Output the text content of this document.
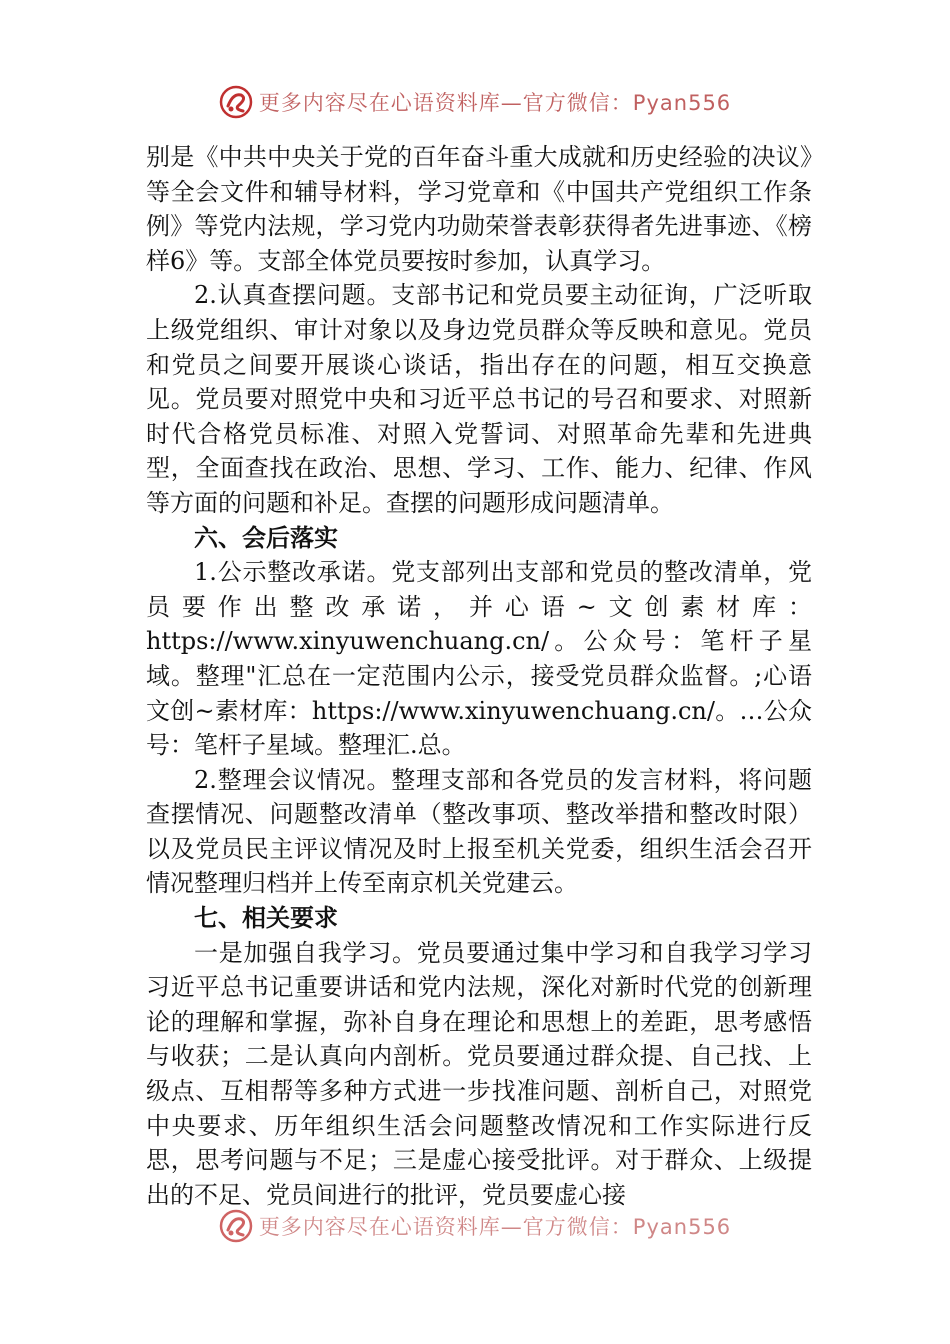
更多内容尽在心语资料库—官方微信：Pyan556

别是《中共中央关于党的百年奋斗重大成就和历史经验的决议》等全会文件和辅导材料，学习党章和《中国共产党组织工作条例》等党内法规，学习党内功勋荣誉表彰获得者先进事迹、《榜样6》等。支部全体党员要按时参加，认真学习。

2.认真查摆问题。支部书记和党员要主动征询，广泛听取上级党组织、审计对象以及身边党员群众等反映和意见。党员和党员之间要开展谈心谈话，指出存在的问题，相互交换意见。党员要对照党中央和习近平总书记的号召和要求、对照新时代合格党员标准、对照入党誓词、对照革命先辈和先进典型，全面查找在政治、思想、学习、工作、能力、纪律、作风等方面的问题和补足。查摆的问题形成问题清单。

六、会后落实

1.公示整改承诺。党支部列出支部和党员的整改清单，党员要作出整改承诺，并心语~文创素材库：https://www.xinyuwenchuang.cn/。公众号：笔杆子星域。整理"汇总在一定范围内公示，接受党员群众监督。;心语文创~素材库：https://www.xinyuwenchuang.cn/。…公众号：笔杆子星域。整理汇.总。

2.整理会议情况。整理支部和各党员的发言材料，将问题查摆情况、问题整改清单（整改事项、整改举措和整改时限）以及党员民主评议情况及时上报至机关党委，组织生活会召开情况整理归档并上传至南京机关党建云。

七、相关要求

一是加强自我学习。党员要通过集中学习和自我学习学习习近平总书记重要讲话和党内法规，深化对新时代党的创新理论的理解和掌握，弥补自身在理论和思想上的差距，思考感悟与收获；二是认真向内剖析。党员要通过群众提、自己找、上级点、互相帮等多种方式进一步找准问题、剖析自己，对照党中央要求、历年组织生活会问题整改情况和工作实际进行反思，思考问题与不足；三是虚心接受批评。对于群众、上级提出的不足、党员间进行的批评，党员要虚心接

更多内容尽在心语资料库—官方微信：Pyan556
